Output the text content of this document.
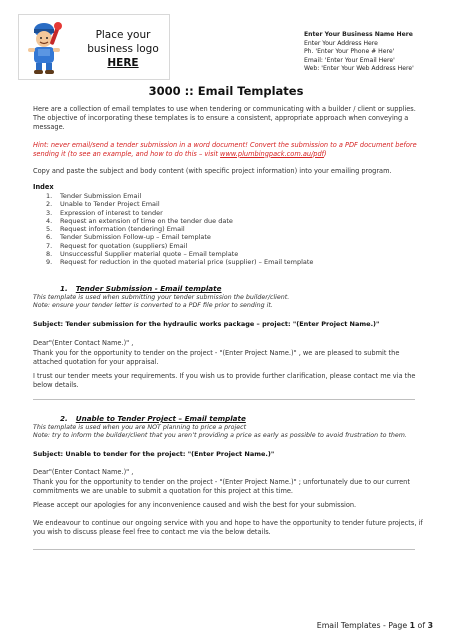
Place your
business logo
HERE
Enter Your Business Name Here
Enter Your Address Here
Ph. 'Enter Your Phone # Here'
Email: 'Enter Your Email Here'
Web: 'Enter Your Web Address Here'
3000 :: Email Templates
Here are a collection of email templates to use when tendering or communicating with a builder / client or supplies. The objective of incorporating these templates is to ensure a consistent, appropriate approach when conveying a message.
Hint: never email/send a tender submission in a word document! Convert the submission to a PDF document before sending it (to see an example, and how to do this – visit www.plumbingpack.com.au/pdf)
Copy and paste the subject and body content (with specific project information) into your emailing program.
Index
1. Tender Submission Email
2. Unable to Tender Project Email
3. Expression of interest to tender
4. Request an extension of time on the tender due date
5. Request information (tendering) Email
6. Tender Submission Follow-up – Email template
7. Request for quotation (suppliers) Email
8. Unsuccessful Supplier material quote – Email template
9. Request for reduction in the quoted material price (supplier) – Email template
1. Tender Submission - Email template
This template is used when submitting your tender submission the builder/client.
Note: ensure your tender letter is converted to a PDF file prior to sending it.
Subject: Tender submission for the hydraulic works package – project: "(Enter Project Name.)"
Dear"(Enter Contact Name.)" ,
Thank you for the opportunity to tender on the project - "(Enter Project Name.)" , we are pleased to submit the attached quotation for your appraisal.
I trust our tender meets your requirements. If you wish us to provide further clarification, please contact me via the below details.
2. Unable to Tender Project – Email template
This template is used when you are NOT planning to price a project
Note: try to inform the builder/client that you aren’t providing a price as early as possible to avoid frustration to them.
Subject: Unable to tender for the project: "(Enter Project Name.)"
Dear"(Enter Contact Name.)" ,
Thank you for the opportunity to tender on the project - "(Enter Project Name.)" ; unfortunately due to our current commitments we are unable to submit a quotation for this project at this time.
Please accept our apologies for any inconvenience caused and wish the best for your submission.
We endeavour to continue our ongoing service with you and hope to have the opportunity to tender future projects, if you wish to discuss please feel free to contact me via the below details.
Email Templates - Page 1 of 3
